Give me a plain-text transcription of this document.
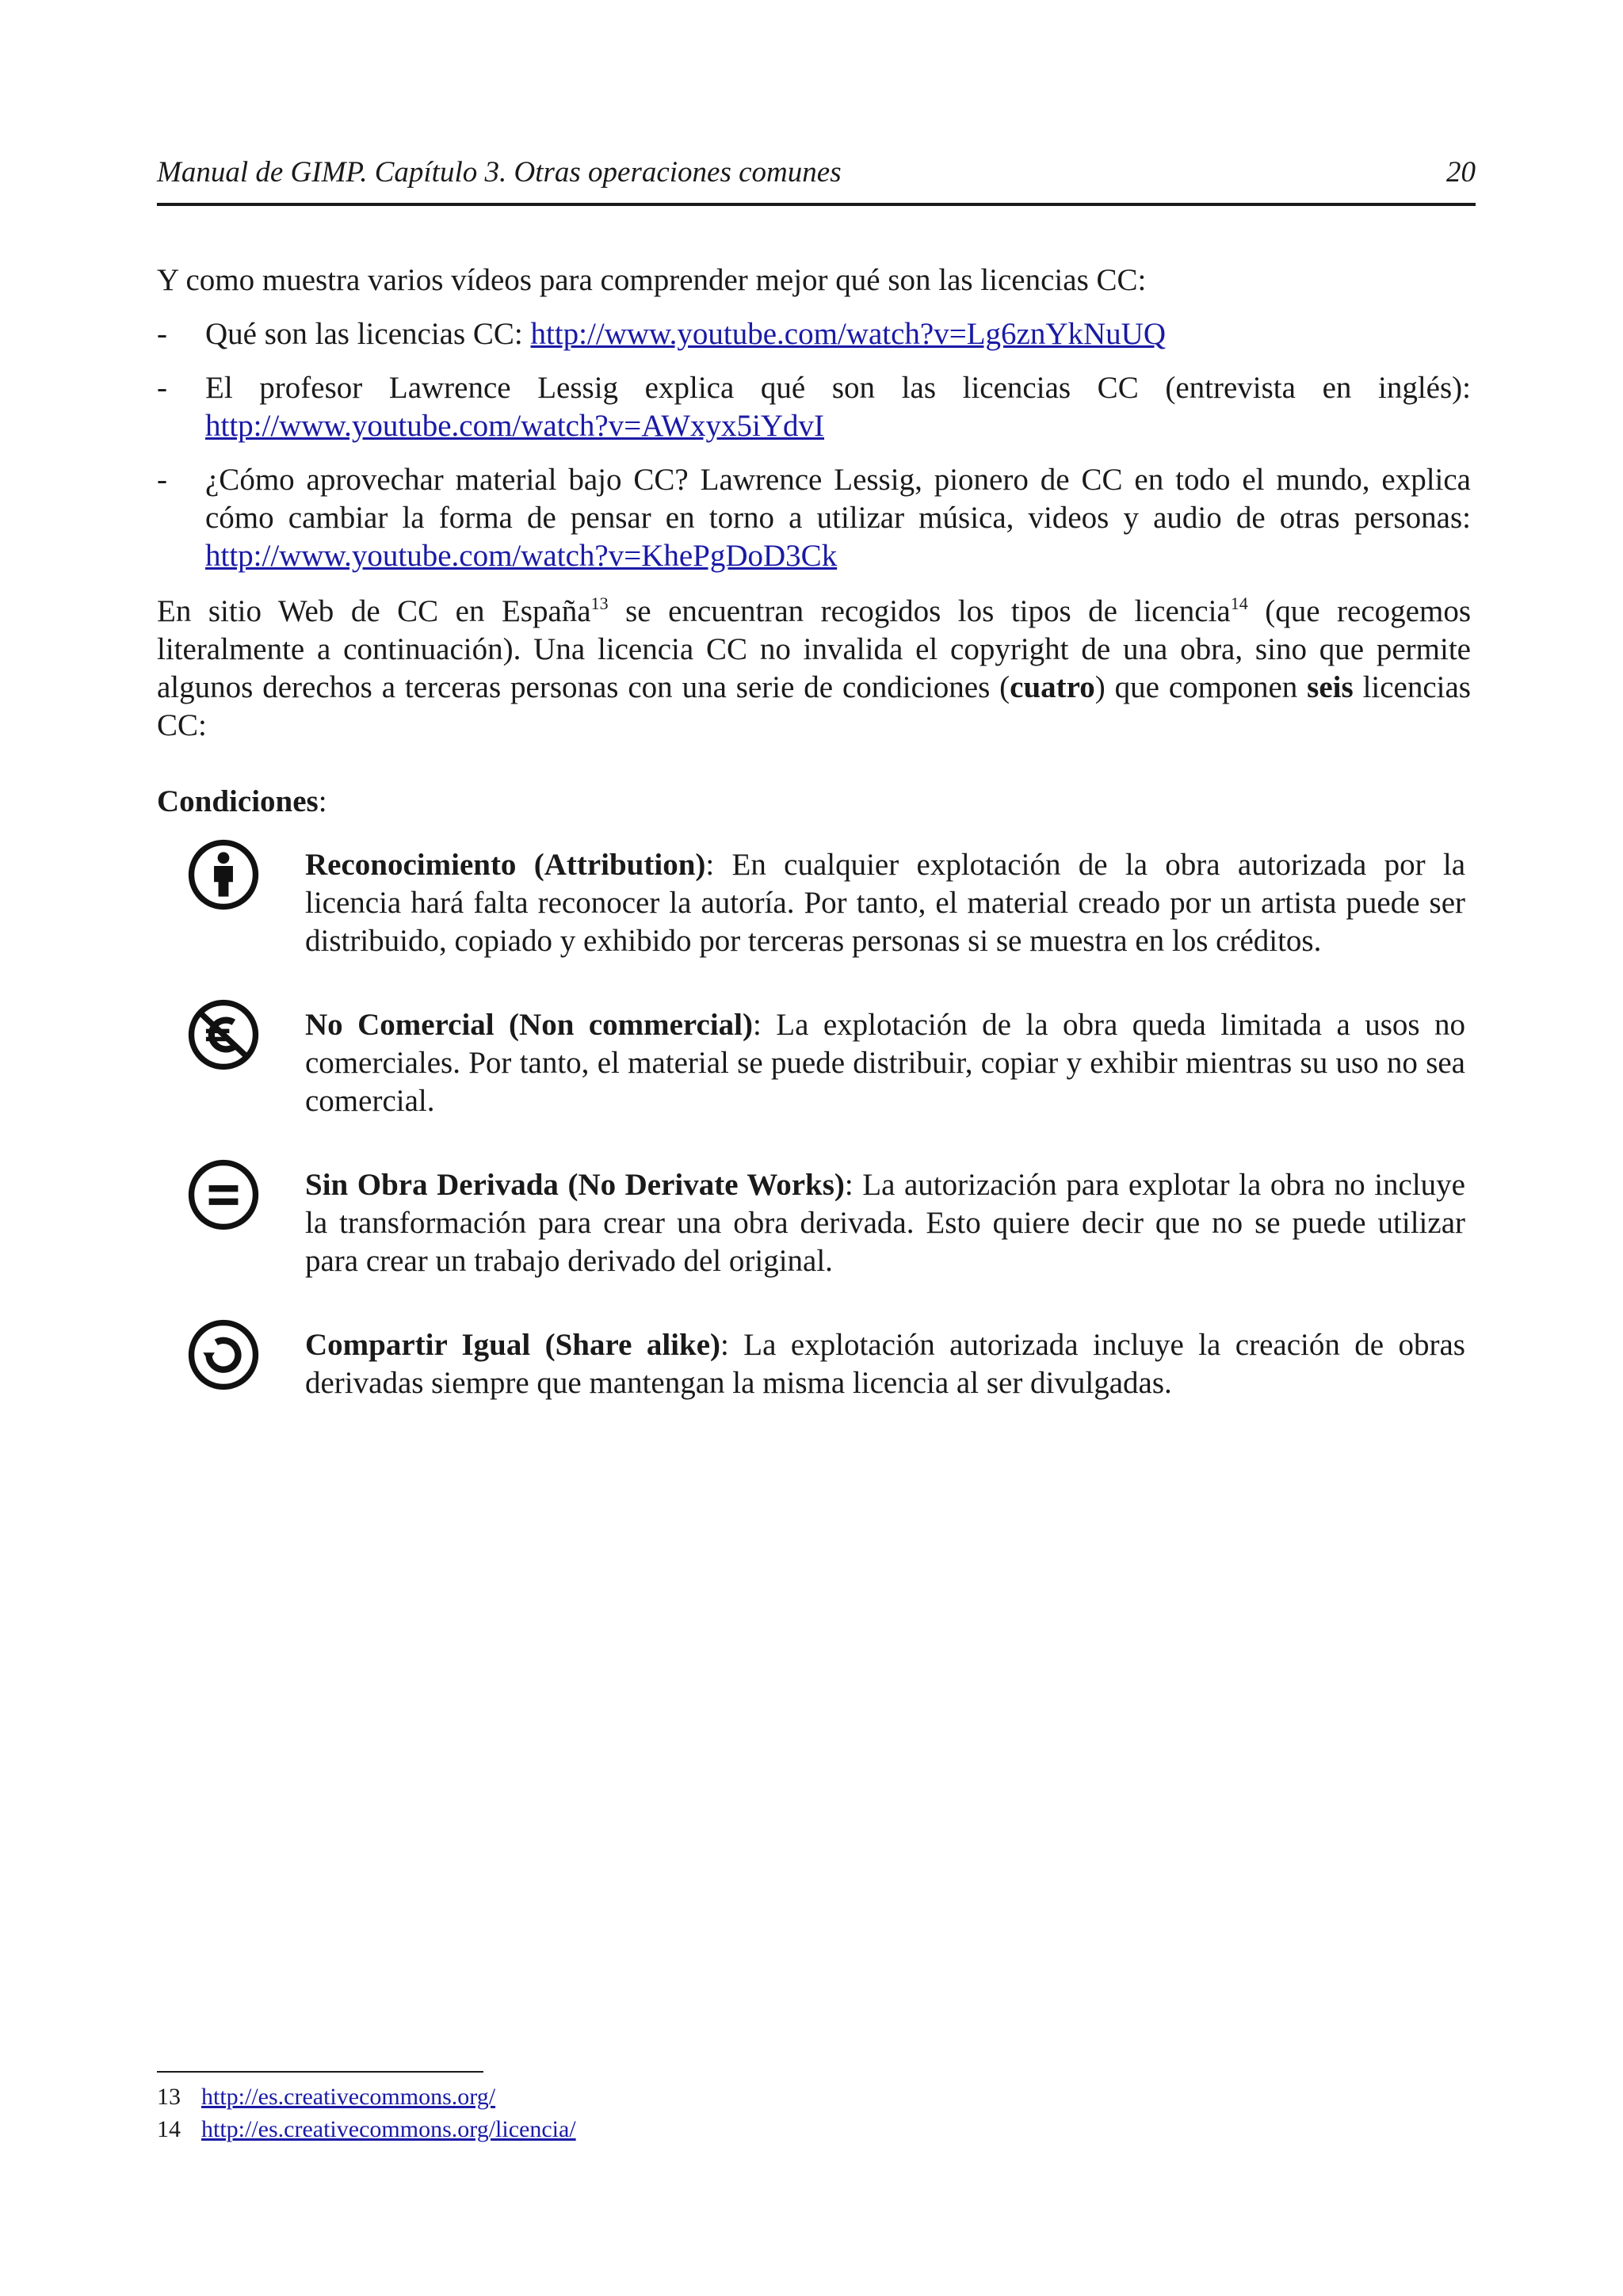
Manual de GIMP. Capítulo 3. Otras operaciones comunes	20

Y como muestra varios vídeos para comprender mejor qué son las licencias CC:

- Qué son las licencias CC: http://www.youtube.com/watch?v=Lg6znYkNuUQ
- El profesor Lawrence Lessig explica qué son las licencias CC (entrevista en inglés): http://www.youtube.com/watch?v=AWxyx5iYdvI
- ¿Cómo aprovechar material bajo CC? Lawrence Lessig, pionero de CC en todo el mundo, explica cómo cambiar la forma de pensar en torno a utilizar música, videos y audio de otras personas: http://www.youtube.com/watch?v=KhePgDoD3Ck

En sitio Web de CC en España$^{13}$ se encuentran recogidos los tipos de licencia$^{14}$ (que recogemos literalmente a continuación). Una licencia CC no invalida el copyright de una obra, sino que permite algunos derechos a terceras personas con una serie de condiciones (cuatro) que componen seis licencias CC:

Condiciones:

Reconocimiento (Attribution): En cualquier explotación de la obra autorizada por la licencia hará falta reconocer la autoría. Por tanto, el material creado por un artista puede ser distribuido, copiado y exhibido por terceras personas si se muestra en los créditos.

No Comercial (Non commercial): La explotación de la obra queda limitada a usos no comerciales. Por tanto, el material se puede distribuir, copiar y exhibir mientras su uso no sea comercial.

Sin Obra Derivada (No Derivate Works): La autorización para explotar la obra no incluye la transformación para crear una obra derivada. Esto quiere decir que no se puede utilizar para crear un trabajo derivado del original.

Compartir Igual (Share alike): La explotación autorizada incluye la creación de obras derivadas siempre que mantengan la misma licencia al ser divulgadas.

13 http://es.creativecommons.org/
14 http://es.creativecommons.org/licencia/
